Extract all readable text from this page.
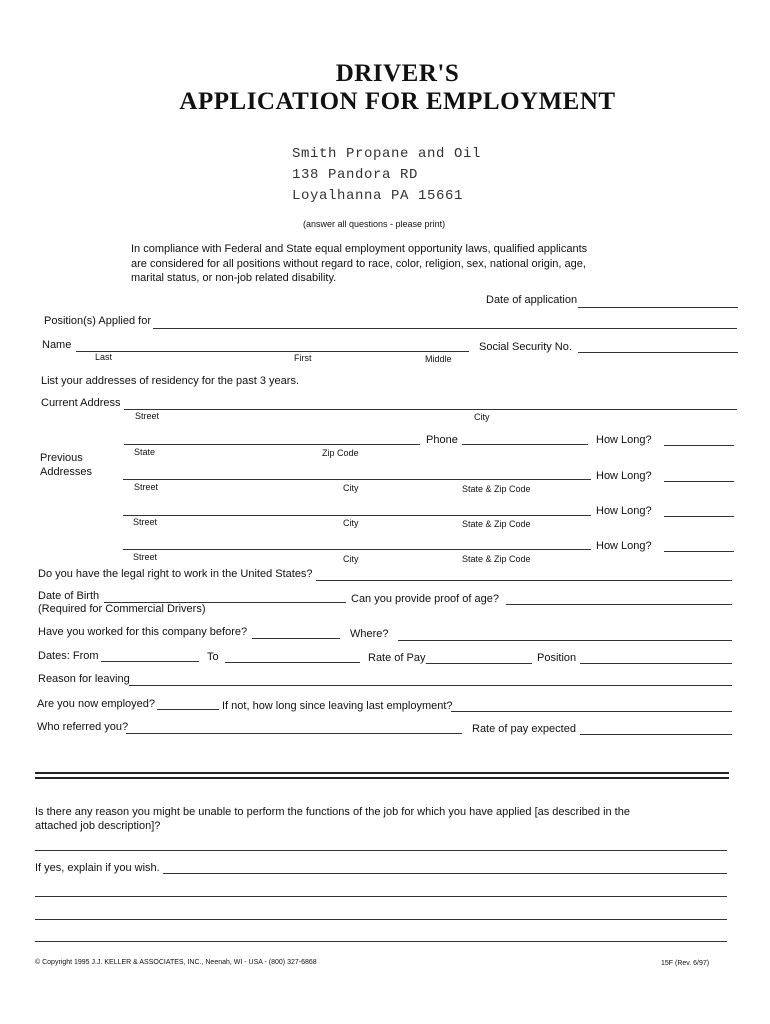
DRIVER'S
APPLICATION FOR EMPLOYMENT
Smith Propane and Oil
138 Pandora RD
Loyalhanna PA 15661
(answer all questions - please print)
In compliance with Federal and State equal employment opportunity laws, qualified applicants are considered for all positions without regard to race, color, religion, sex, national origin, age, marital status, or non-job related disability.
Date of application
Position(s) Applied for
Name
Last	First	Middle
Social Security No.
List your addresses of residency for the past 3 years.
Current Address
Street	City
Phone	How Long?
State	Zip Code
Previous
Addresses	How Long?
Street	City	State & Zip Code
How Long?
Street	City	State & Zip Code
How Long?
Street	City	State & Zip Code
Do you have the legal right to work in the United States?
Date of Birth
(Required for Commercial Drivers)
Can you provide proof of age?
Have you worked for this company before?	Where?
Dates: From	To	Rate of Pay	Position
Reason for leaving
Are you now employed?	If not, how long since leaving last employment?
Who referred you?	Rate of pay expected
Is there any reason you might be unable to perform the functions of the job for which you have applied [as described in the
attached job description]?
If yes, explain if you wish.
© Copyright 1995 J.J. KELLER & ASSOCIATES, INC., Neenah, WI - USA - (800) 327-6868	15F (Rev. 6/97)
